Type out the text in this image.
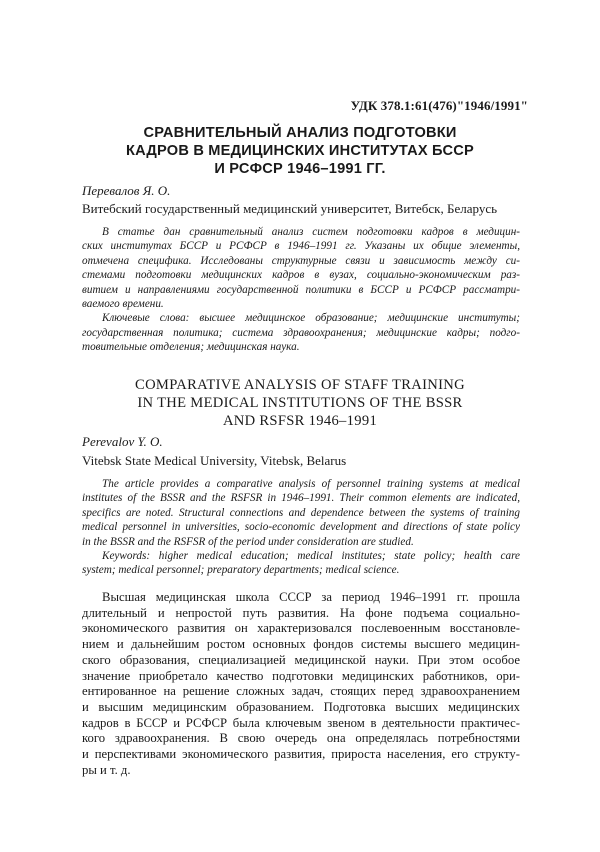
УДК 378.1:61(476)"1946/1991"
СРАВНИТЕЛЬНЫЙ АНАЛИЗ ПОДГОТОВКИ
КАДРОВ В МЕДИЦИНСКИХ ИНСТИТУТАХ БССР
И РСФСР 1946–1991 ГГ.
Перевалов Я. О.
Витебский государственный медицинский университет, Витебск, Беларусь
В статье дан сравнительный анализ систем подготовки кадров в медицин-
ских институтах БССР и РСФСР в 1946–1991 гг. Указаны их общие элементы,
отмечена специфика. Исследованы структурные связи и зависимость между си-
стемами подготовки медицинских кадров в вузах, социально-экономическим раз-
витием и направлениями государственной политики в БССР и РСФСР рассматри-
ваемого времени.
Ключевые слова: высшее медицинское образование; медицинские институты;
государственная политика; система здравоохранения; медицинские кадры; подго-
товительные отделения; медицинская наука.
COMPARATIVE ANALYSIS OF STAFF TRAINING
IN THE MEDICAL INSTITUTIONS OF THE BSSR
AND RSFSR 1946–1991
Perevalov Y. O.
Vitebsk State Medical University, Vitebsk, Belarus
The article provides a comparative analysis of personnel training systems at medical
institutes of the BSSR and the RSFSR in 1946–1991. Their common elements are indicated,
specifics are noted. Structural connections and dependence between the systems of training
medical personnel in universities, socio-economic development and directions of state policy
in the BSSR and the RSFSR of the period under consideration are studied.
Keywords: higher medical education; medical institutes; state policy; health care
system; medical personnel; preparatory departments; medical science.
Высшая медицинская школа СССР за период 1946–1991 гг. прошла
длительный и непростой путь развития. На фоне подъема социально-
экономического развития он характеризовался послевоенным восстановле-
нием и дальнейшим ростом основных фондов системы высшего медицин-
ского образования, специализацией медицинской науки. При этом особое
значение приобретало качество подготовки медицинских работников, ори-
ентированное на решение сложных задач, стоящих перед здравоохранением
и высшим медицинским образованием. Подготовка высших медицинских
кадров в БССР и РСФСР была ключевым звеном в деятельности практичес-
кого здравоохранения. В свою очередь она определялась потребностями
и перспективами экономического развития, прироста населения, его структу-
ры и т. д.
